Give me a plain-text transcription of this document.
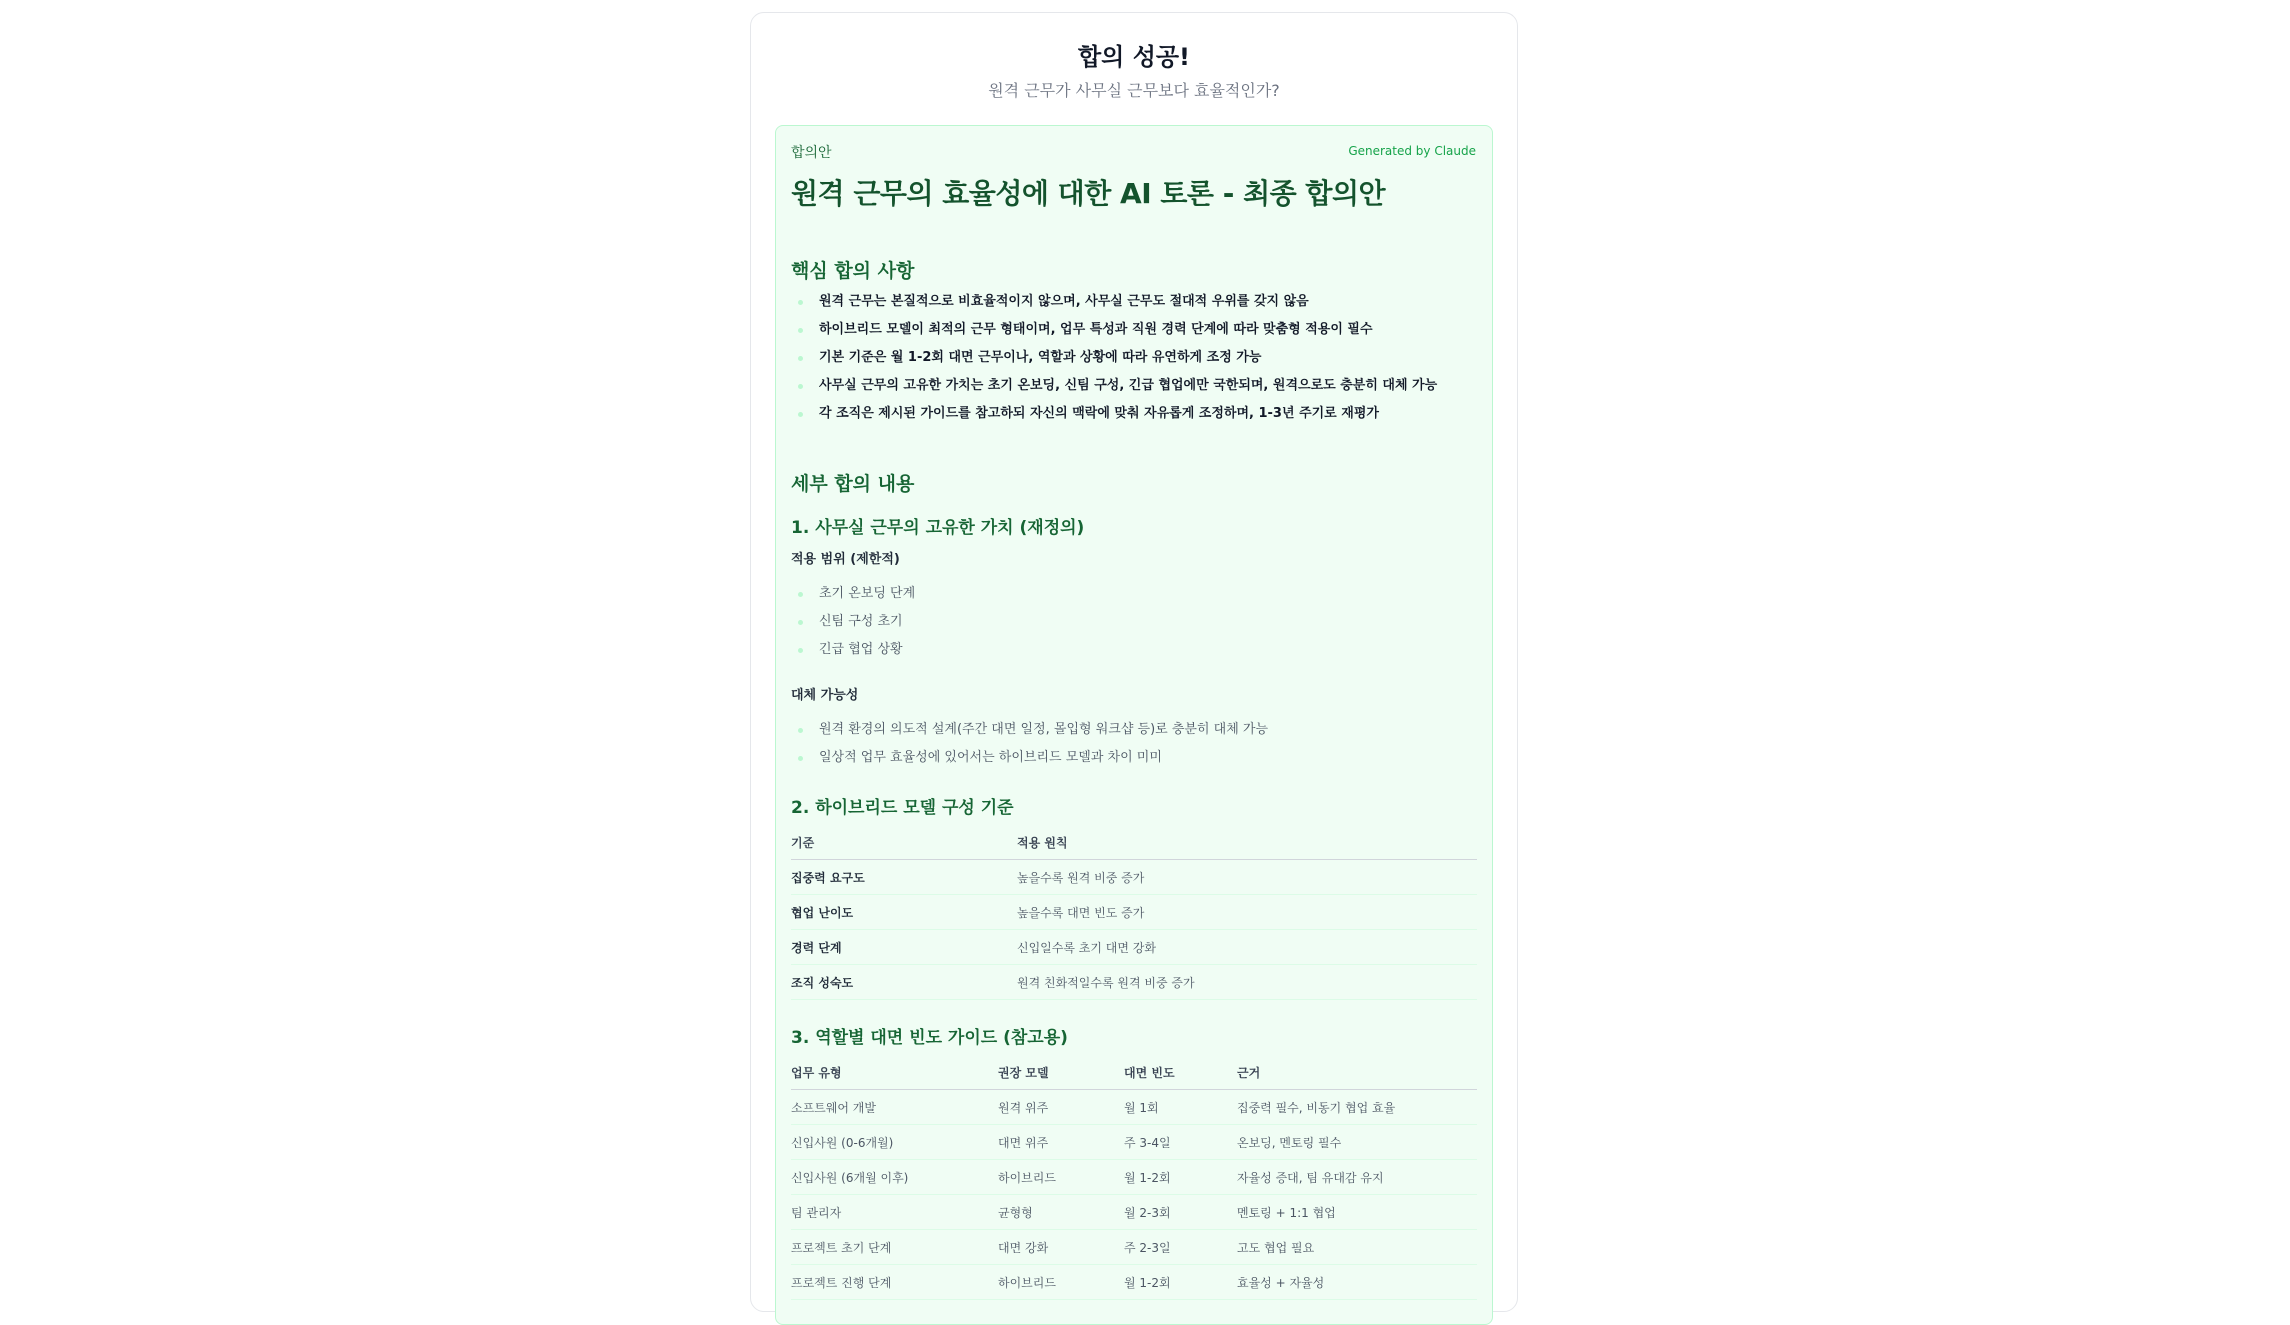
합의 성공!
원격 근무가 사무실 근무보다 효율적인가?
합의안	Generated by Claude
원격 근무의 효율성에 대한 AI 토론 - 최종 합의안
핵심 합의 사항
원격 근무는 본질적으로 비효율적이지 않으며, 사무실 근무도 절대적 우위를 갖지 않음
하이브리드 모델이 최적의 근무 형태이며, 업무 특성과 직원 경력 단계에 따라 맞춤형 적용이 필수
기본 기준은 월 1-2회 대면 근무이나, 역할과 상황에 따라 유연하게 조정 가능
사무실 근무의 고유한 가치는 초기 온보딩, 신팀 구성, 긴급 협업에만 국한되며, 원격으로도 충분히 대체 가능
각 조직은 제시된 가이드를 참고하되 자신의 맥락에 맞춰 자유롭게 조정하며, 1-3년 주기로 재평가
세부 합의 내용
1. 사무실 근무의 고유한 가치 (재정의)
적용 범위 (제한적)
초기 온보딩 단계
신팀 구성 초기
긴급 협업 상황
대체 가능성
원격 환경의 의도적 설계(주간 대면 일정, 몰입형 워크샵 등)로 충분히 대체 가능
일상적 업무 효율성에 있어서는 하이브리드 모델과 차이 미미
2. 하이브리드 모델 구성 기준
기준	적용 원칙
집중력 요구도	높을수록 원격 비중 증가
협업 난이도	높을수록 대면 빈도 증가
경력 단계	신입일수록 초기 대면 강화
조직 성숙도	원격 친화적일수록 원격 비중 증가
3. 역할별 대면 빈도 가이드 (참고용)
업무 유형	권장 모델	대면 빈도	근거
소프트웨어 개발	원격 위주	월 1회	집중력 필수, 비동기 협업 효율
신입사원 (0-6개월)	대면 위주	주 3-4일	온보딩, 멘토링 필수
신입사원 (6개월 이후)	하이브리드	월 1-2회	자율성 증대, 팀 유대감 유지
팀 관리자	균형형	월 2-3회	멘토링 + 1:1 협업
프로젝트 초기 단계	대면 강화	주 2-3일	고도 협업 필요
프로젝트 진행 단계	하이브리드	월 1-2회	효율성 + 자율성
